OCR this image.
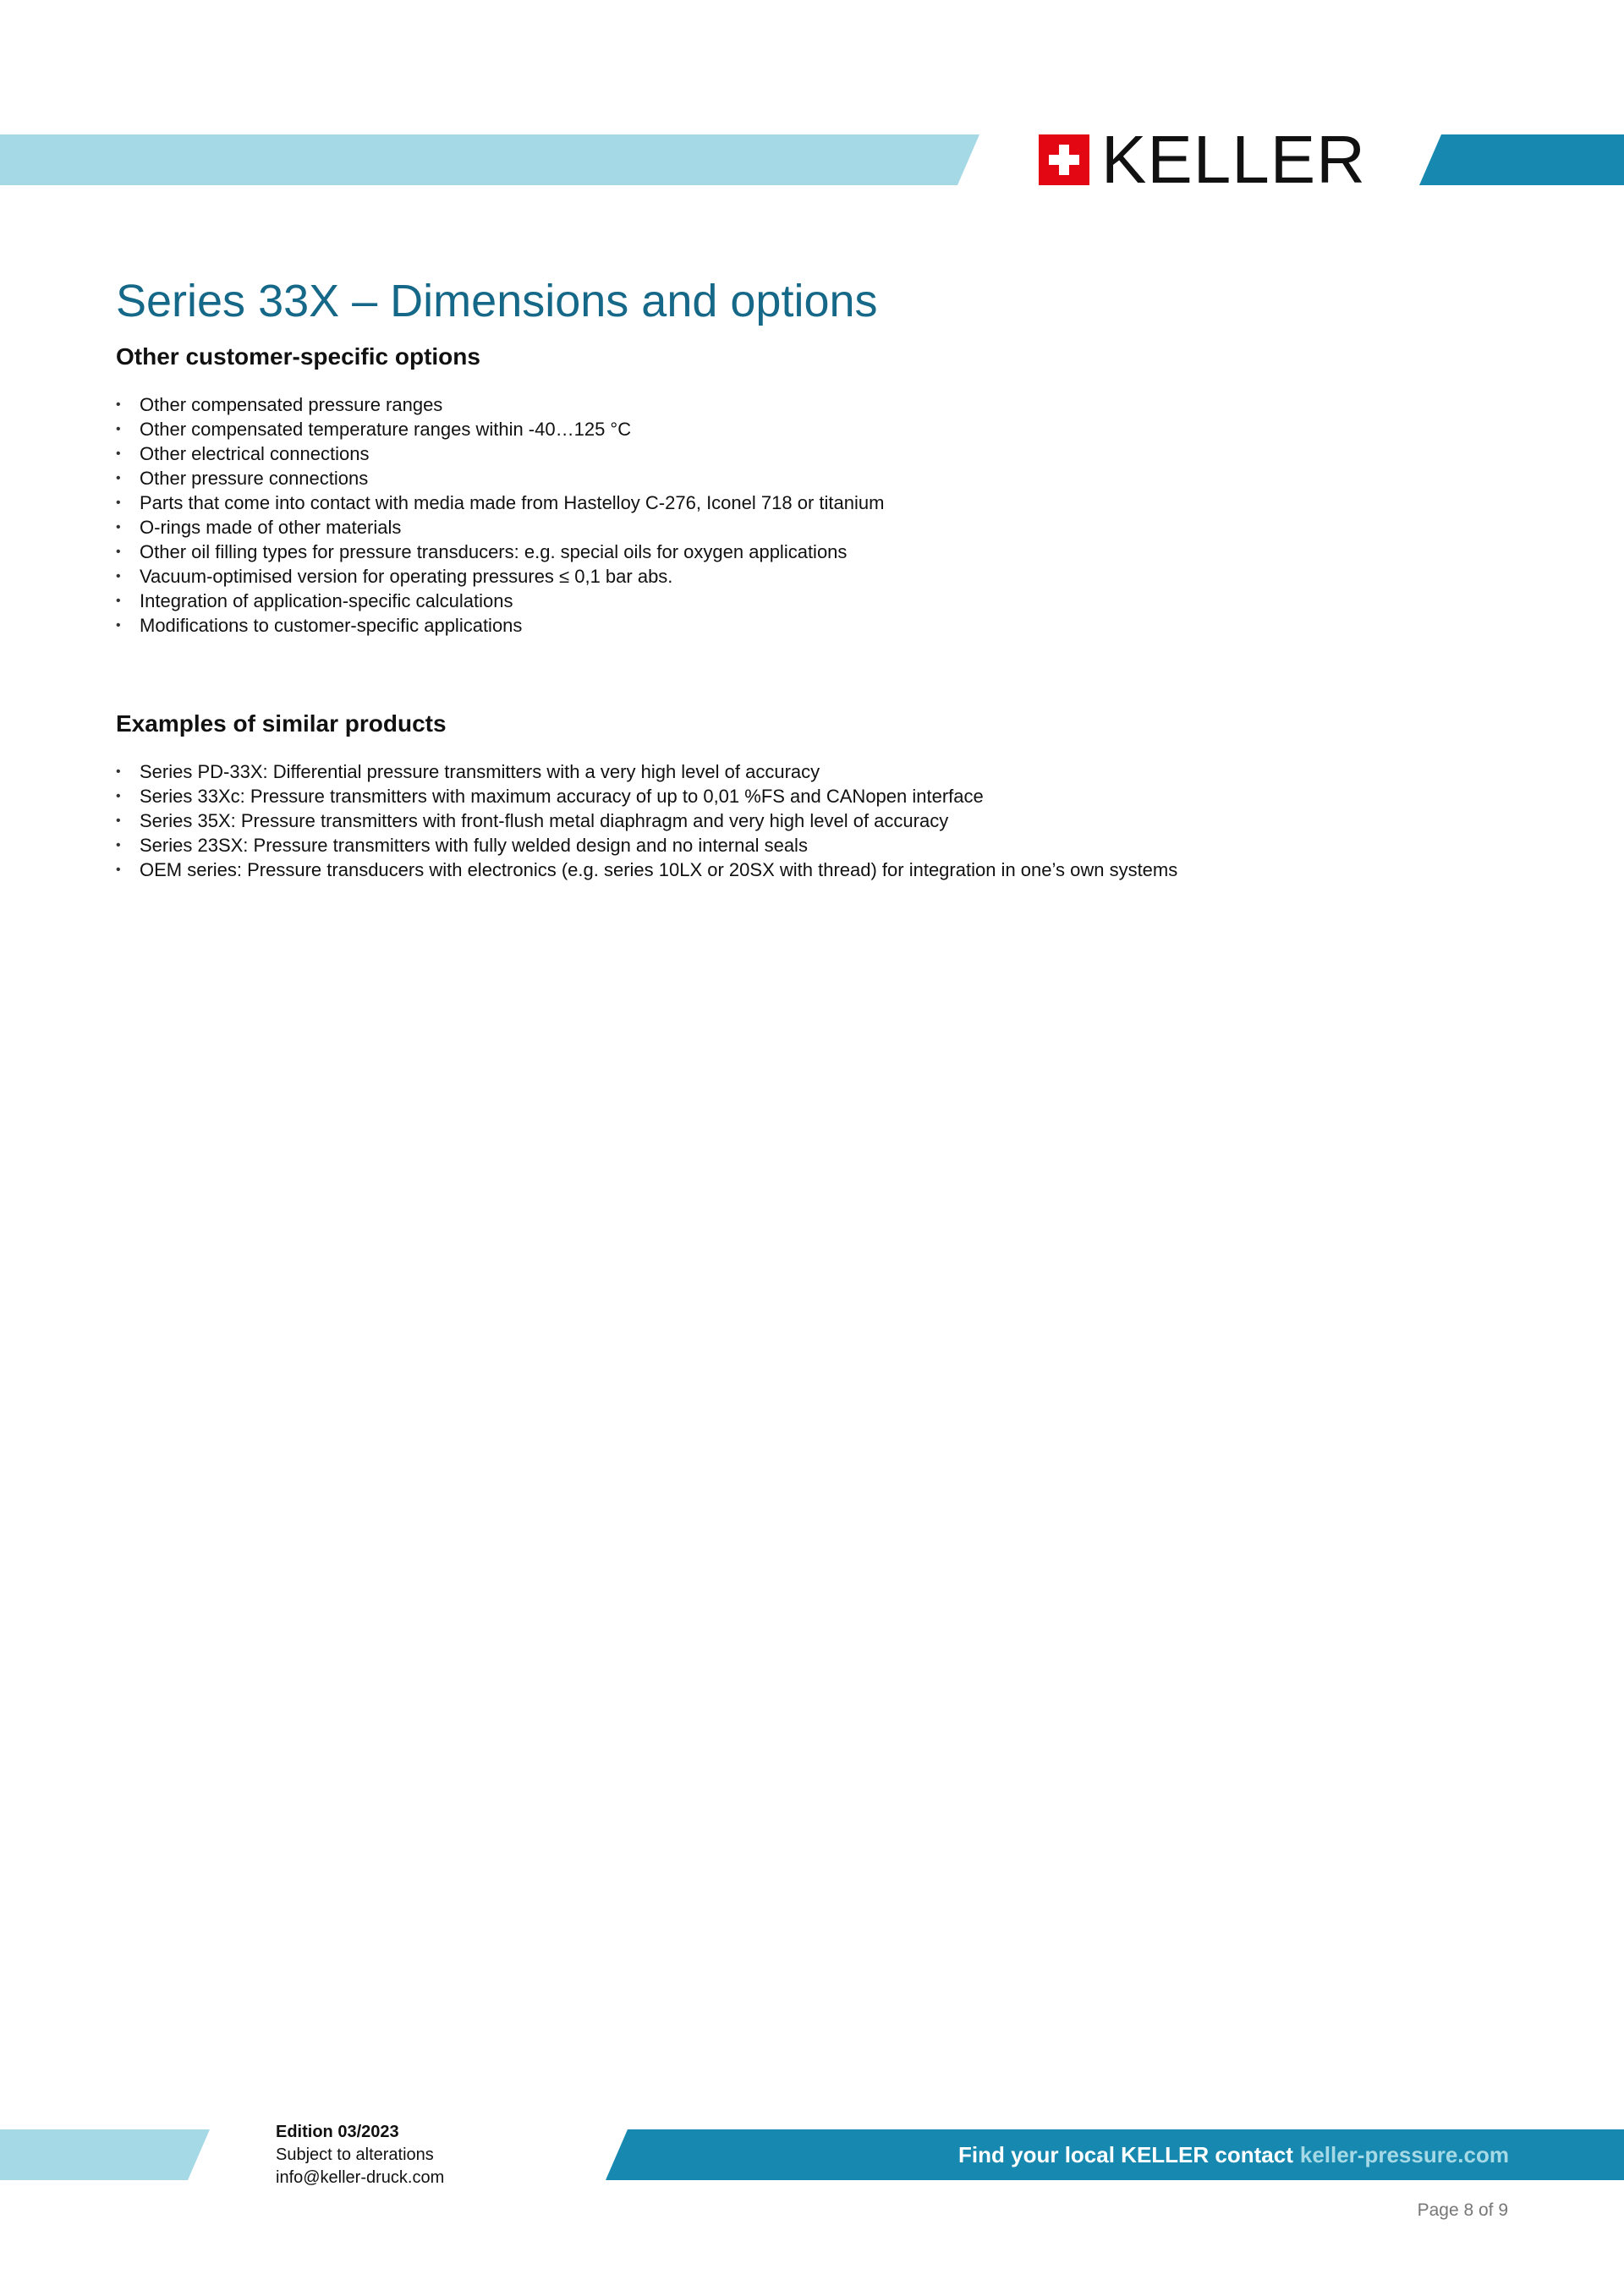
KELLER
Series 33X – Dimensions and options
Other customer-specific options
• Other compensated pressure ranges
• Other compensated temperature ranges within -40…125 °C
• Other electrical connections
• Other pressure connections
• Parts that come into contact with media made from Hastelloy C-276, Iconel 718 or titanium
• O-rings made of other materials
• Other oil filling types for pressure transducers: e.g. special oils for oxygen applications
• Vacuum-optimised version for operating pressures ≤ 0,1 bar abs.
• Integration of application-specific calculations
• Modifications to customer-specific applications
Examples of similar products
• Series PD-33X: Differential pressure transmitters with a very high level of accuracy
• Series 33Xc: Pressure transmitters with maximum accuracy of up to 0,01 %FS and CANopen interface
• Series 35X: Pressure transmitters with front-flush metal diaphragm and very high level of accuracy
• Series 23SX: Pressure transmitters with fully welded design and no internal seals
• OEM series: Pressure transducers with electronics (e.g. series 10LX or 20SX with thread) for integration in one’s own systems
Edition 03/2023
Subject to alterations
info@keller-druck.com
Find your local KELLER contact keller-pressure.com
Page 8 of 9
